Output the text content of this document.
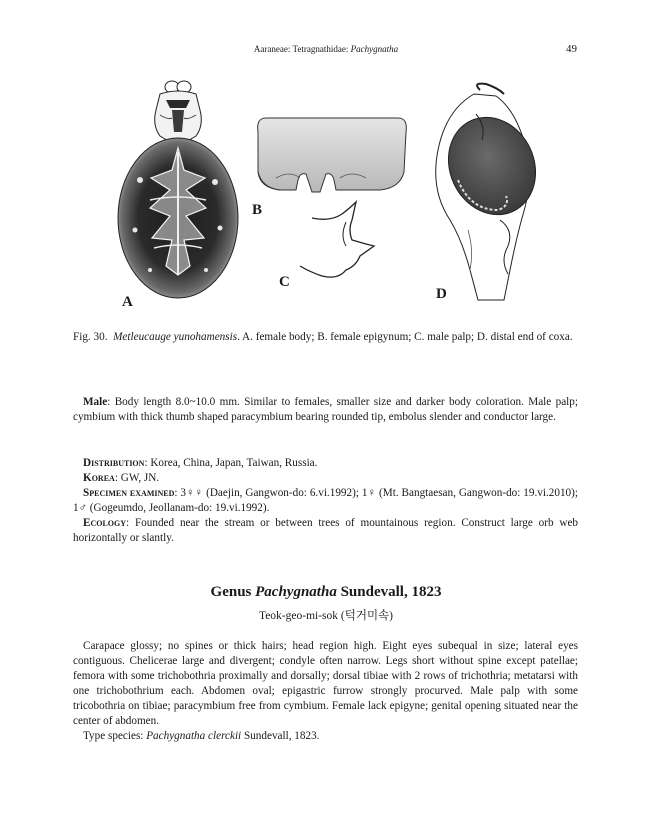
Aaraneae: Tetragnathidae: Pachygnatha	49
A
B
C
D
Fig. 30. Metleucauge yunohamensis. A. female body; B. female epigynum; C. male palp; D. distal end of coxa.

Male: Body length 8.0~10.0 mm. Similar to females, smaller size and darker body coloration. Male palp; cymbium with thick thumb shaped paracymbium bearing rounded tip, embolus slender and conductor large.

Distribution: Korea, China, Japan, Taiwan, Russia.

Korea: GW, JN.

Specimen examined: 3♀♀ (Daejin, Gangwon-do: 6.vi.1992); 1♀ (Mt. Bangtaesan, Gangwon-do: 19.vi.2010); 1♂ (Gogeumdo, Jeollanam-do: 19.vi.1992).

Ecology: Founded near the stream or between trees of mountainous region. Construct large orb web horizontally or slantly.

Genus Pachygnatha Sundevall, 1823
Teok-geo-mi-sok (턱거미속)

Carapace glossy; no spines or thick hairs; head region high. Eight eyes subequal in size; lateral eyes contiguous. Chelicerae large and divergent; condyle often narrow. Legs short without spine except patellae; femora with some trichobothria proximally and dorsally; dorsal tibiae with 2 rows of trichothria; metatarsi with one trichobothrium each. Abdomen oval; epigastric furrow strongly procurved. Male palp with some tricobothria on tibiae; paracymbium free from cymbium. Female lack epigyne; genital opening situated near the center of abdomen.

Type species: Pachygnatha clerckii Sundevall, 1823.
